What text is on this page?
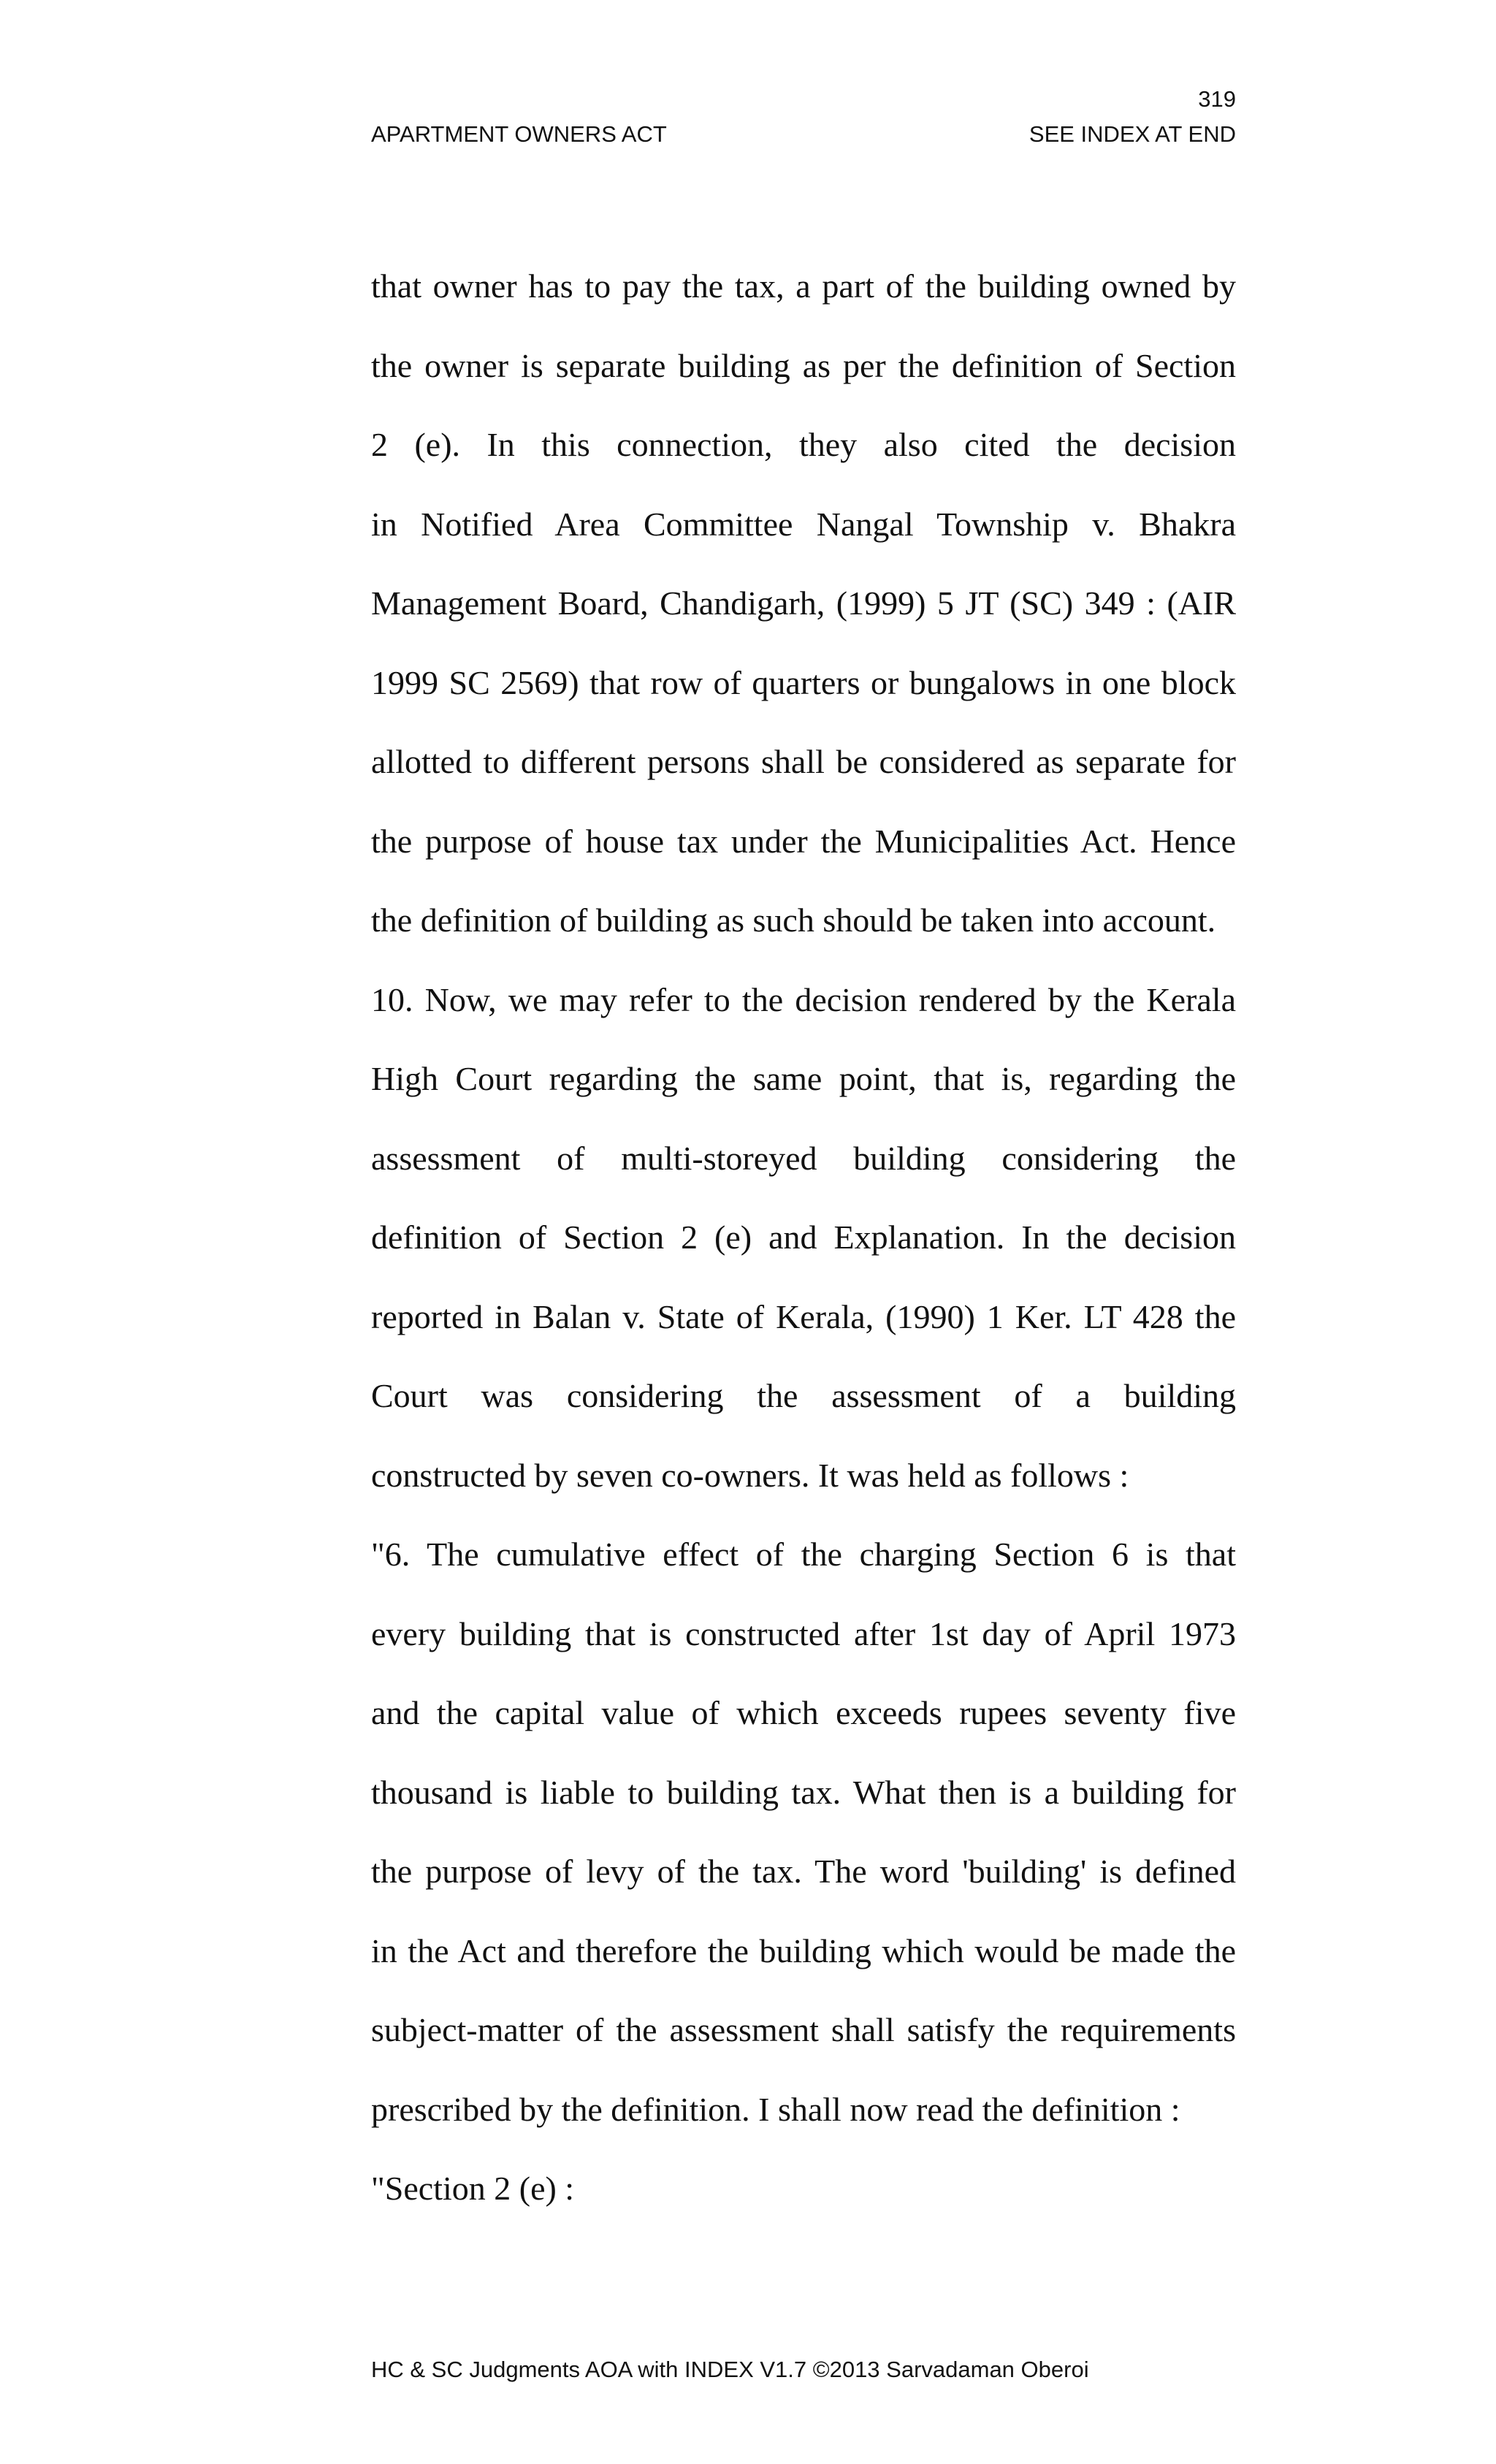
319
APARTMENT OWNERS ACT	SEE INDEX AT END
that owner has to pay the tax, a part of the building owned by
the owner is separate building as per the definition of Section
2 (e). In this connection, they also cited the decision
in Notified Area Committee Nangal Township v. Bhakra
Management Board, Chandigarh, (1999) 5 JT (SC) 349 : (AIR
1999 SC 2569) that row of quarters or bungalows in one block
allotted to different persons shall be considered as separate for
the purpose of house tax under the Municipalities Act. Hence
the definition of building as such should be taken into account.
10. Now, we may refer to the decision rendered by the Kerala
High Court regarding the same point, that is, regarding the
assessment of multi-storeyed building considering the
definition of Section 2 (e) and Explanation. In the decision
reported in Balan v. State of Kerala, (1990) 1 Ker. LT 428 the
Court was considering the assessment of a building
constructed by seven co-owners. It was held as follows :
"6. The cumulative effect of the charging Section 6 is that
every building that is constructed after 1st day of April 1973
and the capital value of which exceeds rupees seventy five
thousand is liable to building tax. What then is a building for
the purpose of levy of the tax. The word 'building' is defined
in the Act and therefore the building which would be made the
subject-matter of the assessment shall satisfy the requirements
prescribed by the definition. I shall now read the definition :
"Section 2 (e) :
HC & SC Judgments AOA with INDEX V1.7 ©2013 Sarvadaman Oberoi
